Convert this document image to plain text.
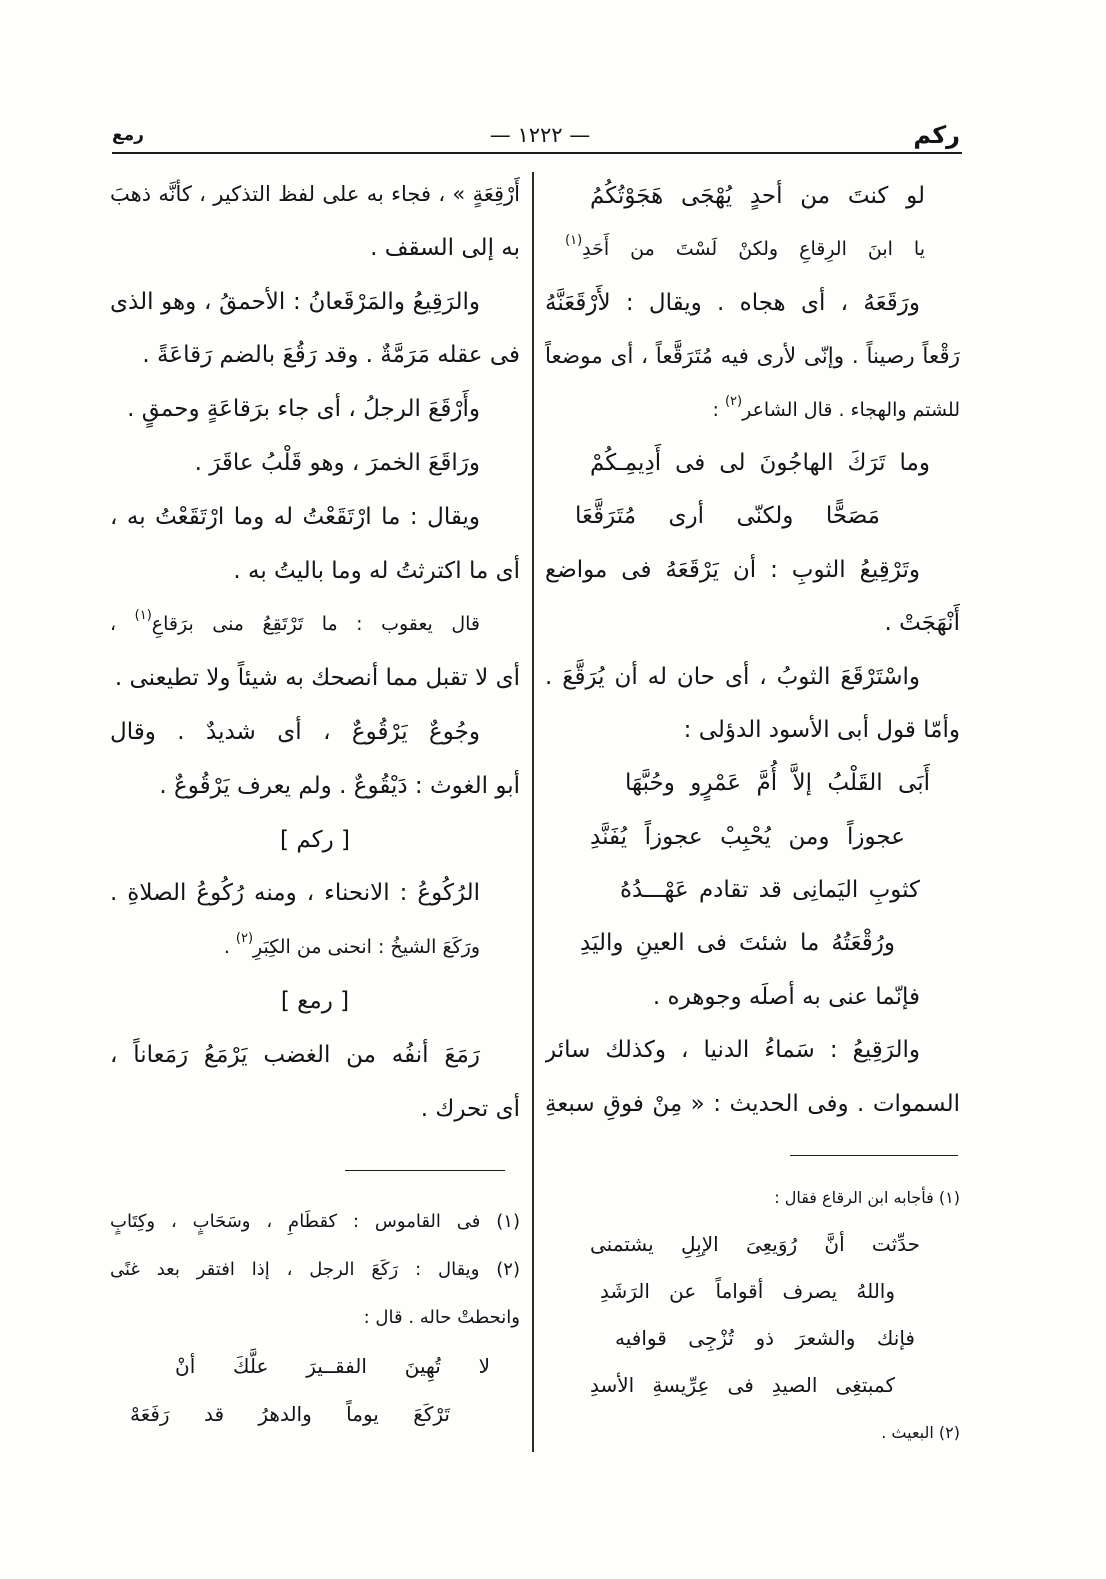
ركم
— ١٢٢٢ —
رمع
لو كنتَ من أحدٍ يُهْجَى هَجَوْتُكُمُ
يا ابنَ الرِقاعِ ولكنْ لَسْتَ من أَحَدِ$^{(١)}$
ورَقَعَهُ ، أى هجاه . ويقال : لأَرْقَعَنَّهُ
رَقْعاً رصيناً . وإنّى لأرى فيه مُتَرَقَّعاً ، أى موضعاً
للشتم والهجاء . قال الشاعر$^{(٢)}$ :
وما تَرَكَ الهاجُونَ لى فى أَدِيمِـكُمْ
مَصَحًّا ولكنّى أرى مُتَرَقَّعَا
وتَرْقِيعُ الثوبِ : أن يَرْقَعَهُ فى مواضع
أَنْهَجَتْ .
واسْتَرْقَعَ الثوبُ ، أى حان له أن يُرَقَّعَ .
وأمّا قول أبى الأسود الدؤلى :
أَبَى القَلْبُ إلاَّ أُمَّ عَمْرٍو وحُبَّهَا
عجوزاً ومن يُحْبِبْ عجوزاً يُفَنَّدِ
كثوبِ اليَمانِى قد تقادم عَهْـــدُهُ
ورُقْعَتُهُ ما شئتَ فى العينِ واليَدِ
فإنّما عنى به أصلَه وجوهره .
والرَقِيعُ : سَماءُ الدنيا ، وكذلك سائر
السموات . وفى الحديث : « مِنْ فوقِ سبعةِ
(١) فأجابه ابن الرقاع فقال :
حدِّثت أنَّ رُوَيعِىَ الإبِلِ يشتمنى
واللهُ يصرف أقواماً عن الرَشَدِ
فإنك والشعرَ ذو تُزْجِى قوافيه
كمبتغِى الصيدِ فى عِرِّيسةِ الأسدِ
(٢) البعيث .
أَرْقِعَةٍ » ، فجاء به على لفظ التذكير ، كأنَّه ذهبَ
به إلى السقف .
والرَقِيعُ والمَرْقَعانُ : الأحمقُ ، وهو الذى
فى عقله مَرَمَّةٌ . وقد رَقُعَ بالضم رَقاعَةً .
وأَرْقَعَ الرجلُ ، أى جاء برَقاعَةٍ وحمقٍ .
ورَاقَعَ الخمرَ ، وهو قَلْبُ عاقَرَ .
ويقال : ما ارْتَقَعْتُ له وما ارْتَقَعْتُ به ،
أى ما اكترثتُ له وما باليتُ به .
قال يعقوب : ما تَرْتَقِعُ منى برَقاعِ$^{(١)}$ ،
أى لا تقبل مما أنصحك به شيئاً ولا تطيعنى .
وجُوعٌ يَرْقُوعٌ ، أى شديدٌ . وقال
أبو الغوث : دَيْقُوعٌ . ولم يعرف يَرْقُوعٌ .
[ ركم ]
الرُكُوعُ : الانحناء ، ومنه رُكُوعُ الصلاةِ .
ورَكَعَ الشيخُ : انحنى من الكِبَرِ$^{(٢)}$ .
[ رمع ]
رَمَعَ أنفُه من الغضب يَرْمَعُ رَمَعاناً ،
أى تحرك .
(١) فى القاموس : كقطَامِ ، وسَحَابٍ ، وكِتَابٍ
(٢) ويقال : رَكَعَ الرجل ، إذا افتقر بعد غنًى
وانحطتْ حاله . قال :
لا تُهِينَ الفقــيرَ علَّكَ أنْ
تَرْكَعَ يوماً والدهرُ قد رَفَعَهْ
